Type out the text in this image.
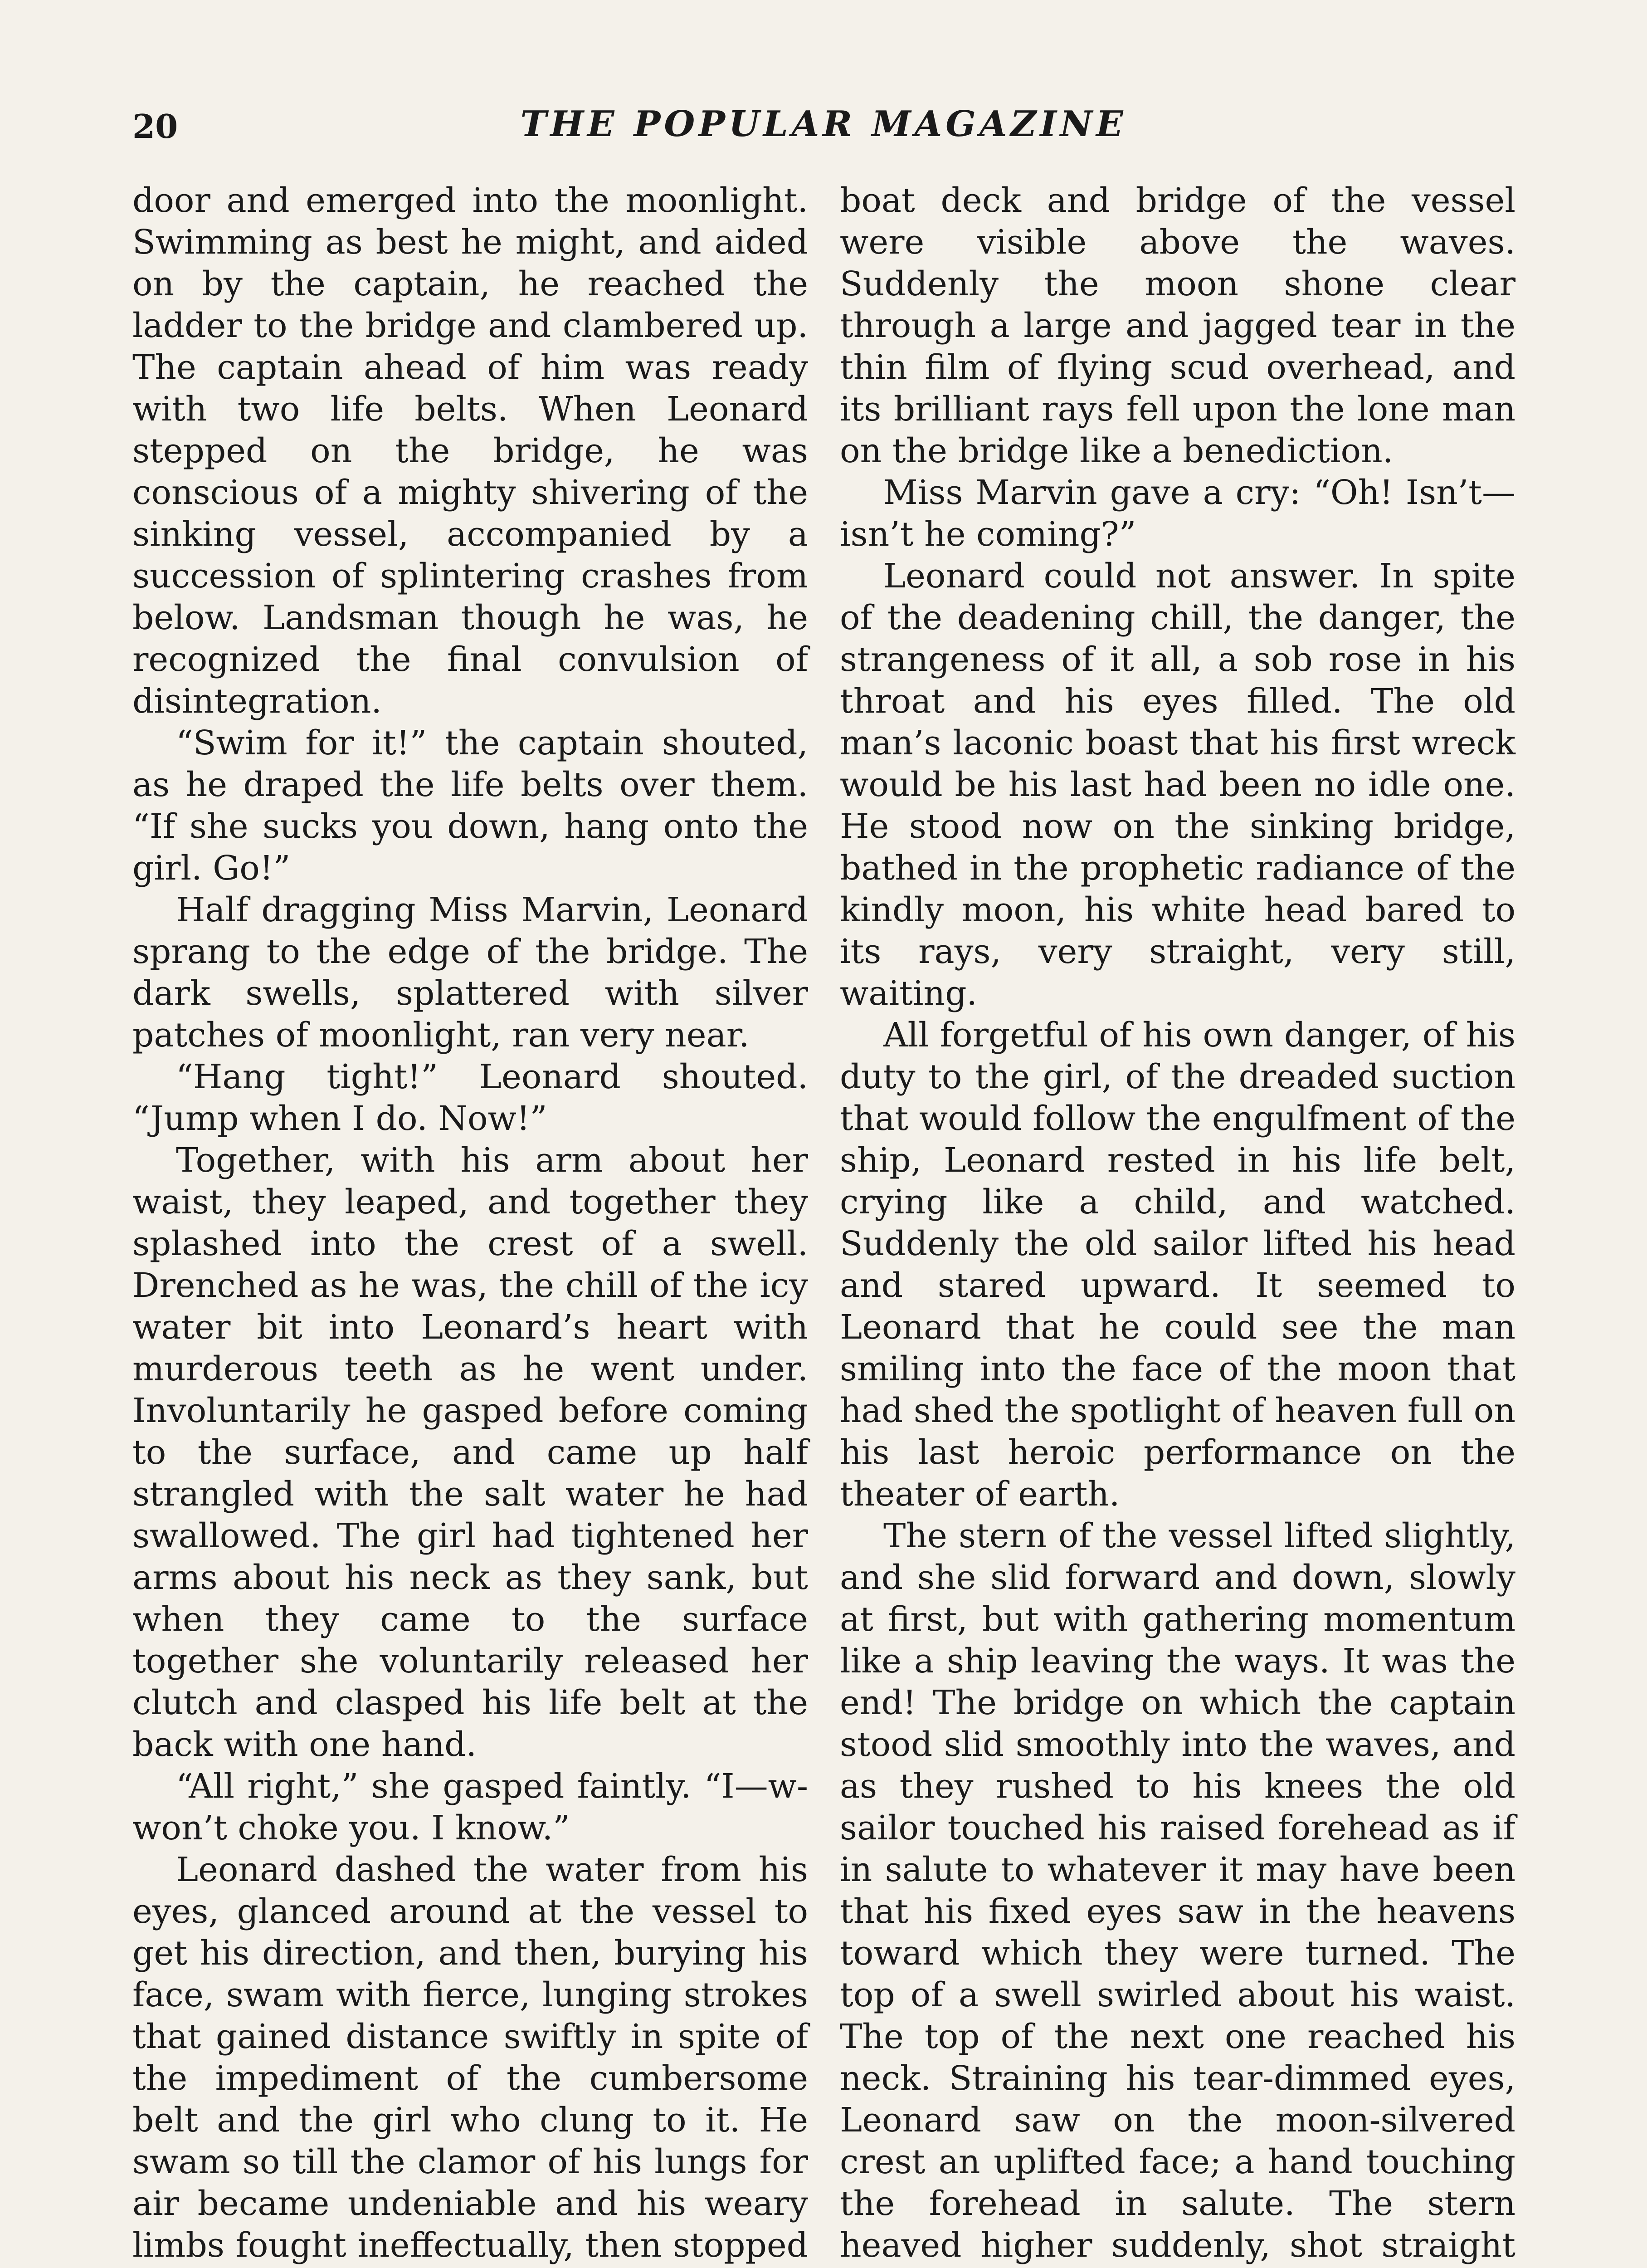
20	THE POPULAR MAGAZINE

door and emerged into the moonlight. Swimming as best he might, and aided on by the captain, he reached the ladder to the bridge and clambered up. The captain ahead of him was ready with two life belts. When Leonard stepped on the bridge, he was conscious of a mighty shivering of the sinking vessel, accompanied by a succession of splintering crashes from below. Landsman though he was, he recognized the final convulsion of disintegration.

“Swim for it!” the captain shouted, as he draped the life belts over them. “If she sucks you down, hang onto the girl. Go!”

Half dragging Miss Marvin, Leonard sprang to the edge of the bridge. The dark swells, splattered with silver patches of moonlight, ran very near.

“Hang tight!” Leonard shouted. “Jump when I do. Now!”

Together, with his arm about her waist, they leaped, and together they splashed into the crest of a swell. Drenched as he was, the chill of the icy water bit into Leonard’s heart with murderous teeth as he went under. Involuntarily he gasped before coming to the surface, and came up half strangled with the salt water he had swallowed. The girl had tightened her arms about his neck as they sank, but when they came to the surface together she voluntarily released her clutch and clasped his life belt at the back with one hand.

“All right,” she gasped faintly. “I—w-won’t choke you. I know.”

Leonard dashed the water from his eyes, glanced around at the vessel to get his direction, and then, burying his face, swam with fierce, lunging strokes that gained distance swiftly in spite of the impediment of the cumbersome belt and the girl who clung to it. He swam so till the clamor of his lungs for air became undeniable and his weary limbs fought ineffectually, then stopped

boat deck and bridge of the vessel were visible above the waves. Suddenly the moon shone clear through a large and jagged tear in the thin film of flying scud overhead, and its brilliant rays fell upon the lone man on the bridge like a benediction.

Miss Marvin gave a cry: “Oh! Isn’t—isn’t he coming?”

Leonard could not answer. In spite of the deadening chill, the danger, the strangeness of it all, a sob rose in his throat and his eyes filled. The old man’s laconic boast that his first wreck would be his last had been no idle one. He stood now on the sinking bridge, bathed in the prophetic radiance of the kindly moon, his white head bared to its rays, very straight, very still, waiting.

All forgetful of his own danger, of his duty to the girl, of the dreaded suction that would follow the engulfment of the ship, Leonard rested in his life belt, crying like a child, and watched. Suddenly the old sailor lifted his head and stared upward. It seemed to Leonard that he could see the man smiling into the face of the moon that had shed the spotlight of heaven full on his last heroic performance on the theater of earth.

The stern of the vessel lifted slightly, and she slid forward and down, slowly at first, but with gathering momentum like a ship leaving the ways. It was the end! The bridge on which the captain stood slid smoothly into the waves, and as they rushed to his knees the old sailor touched his raised forehead as if in salute to whatever it may have been that his fixed eyes saw in the heavens toward which they were turned. The top of a swell swirled about his waist. The top of the next one reached his neck. Straining his tear-dimmed eyes, Leonard saw on the moon-silvered crest an uplifted face; a hand touching the forehead in salute. The stern heaved higher suddenly, shot straight
